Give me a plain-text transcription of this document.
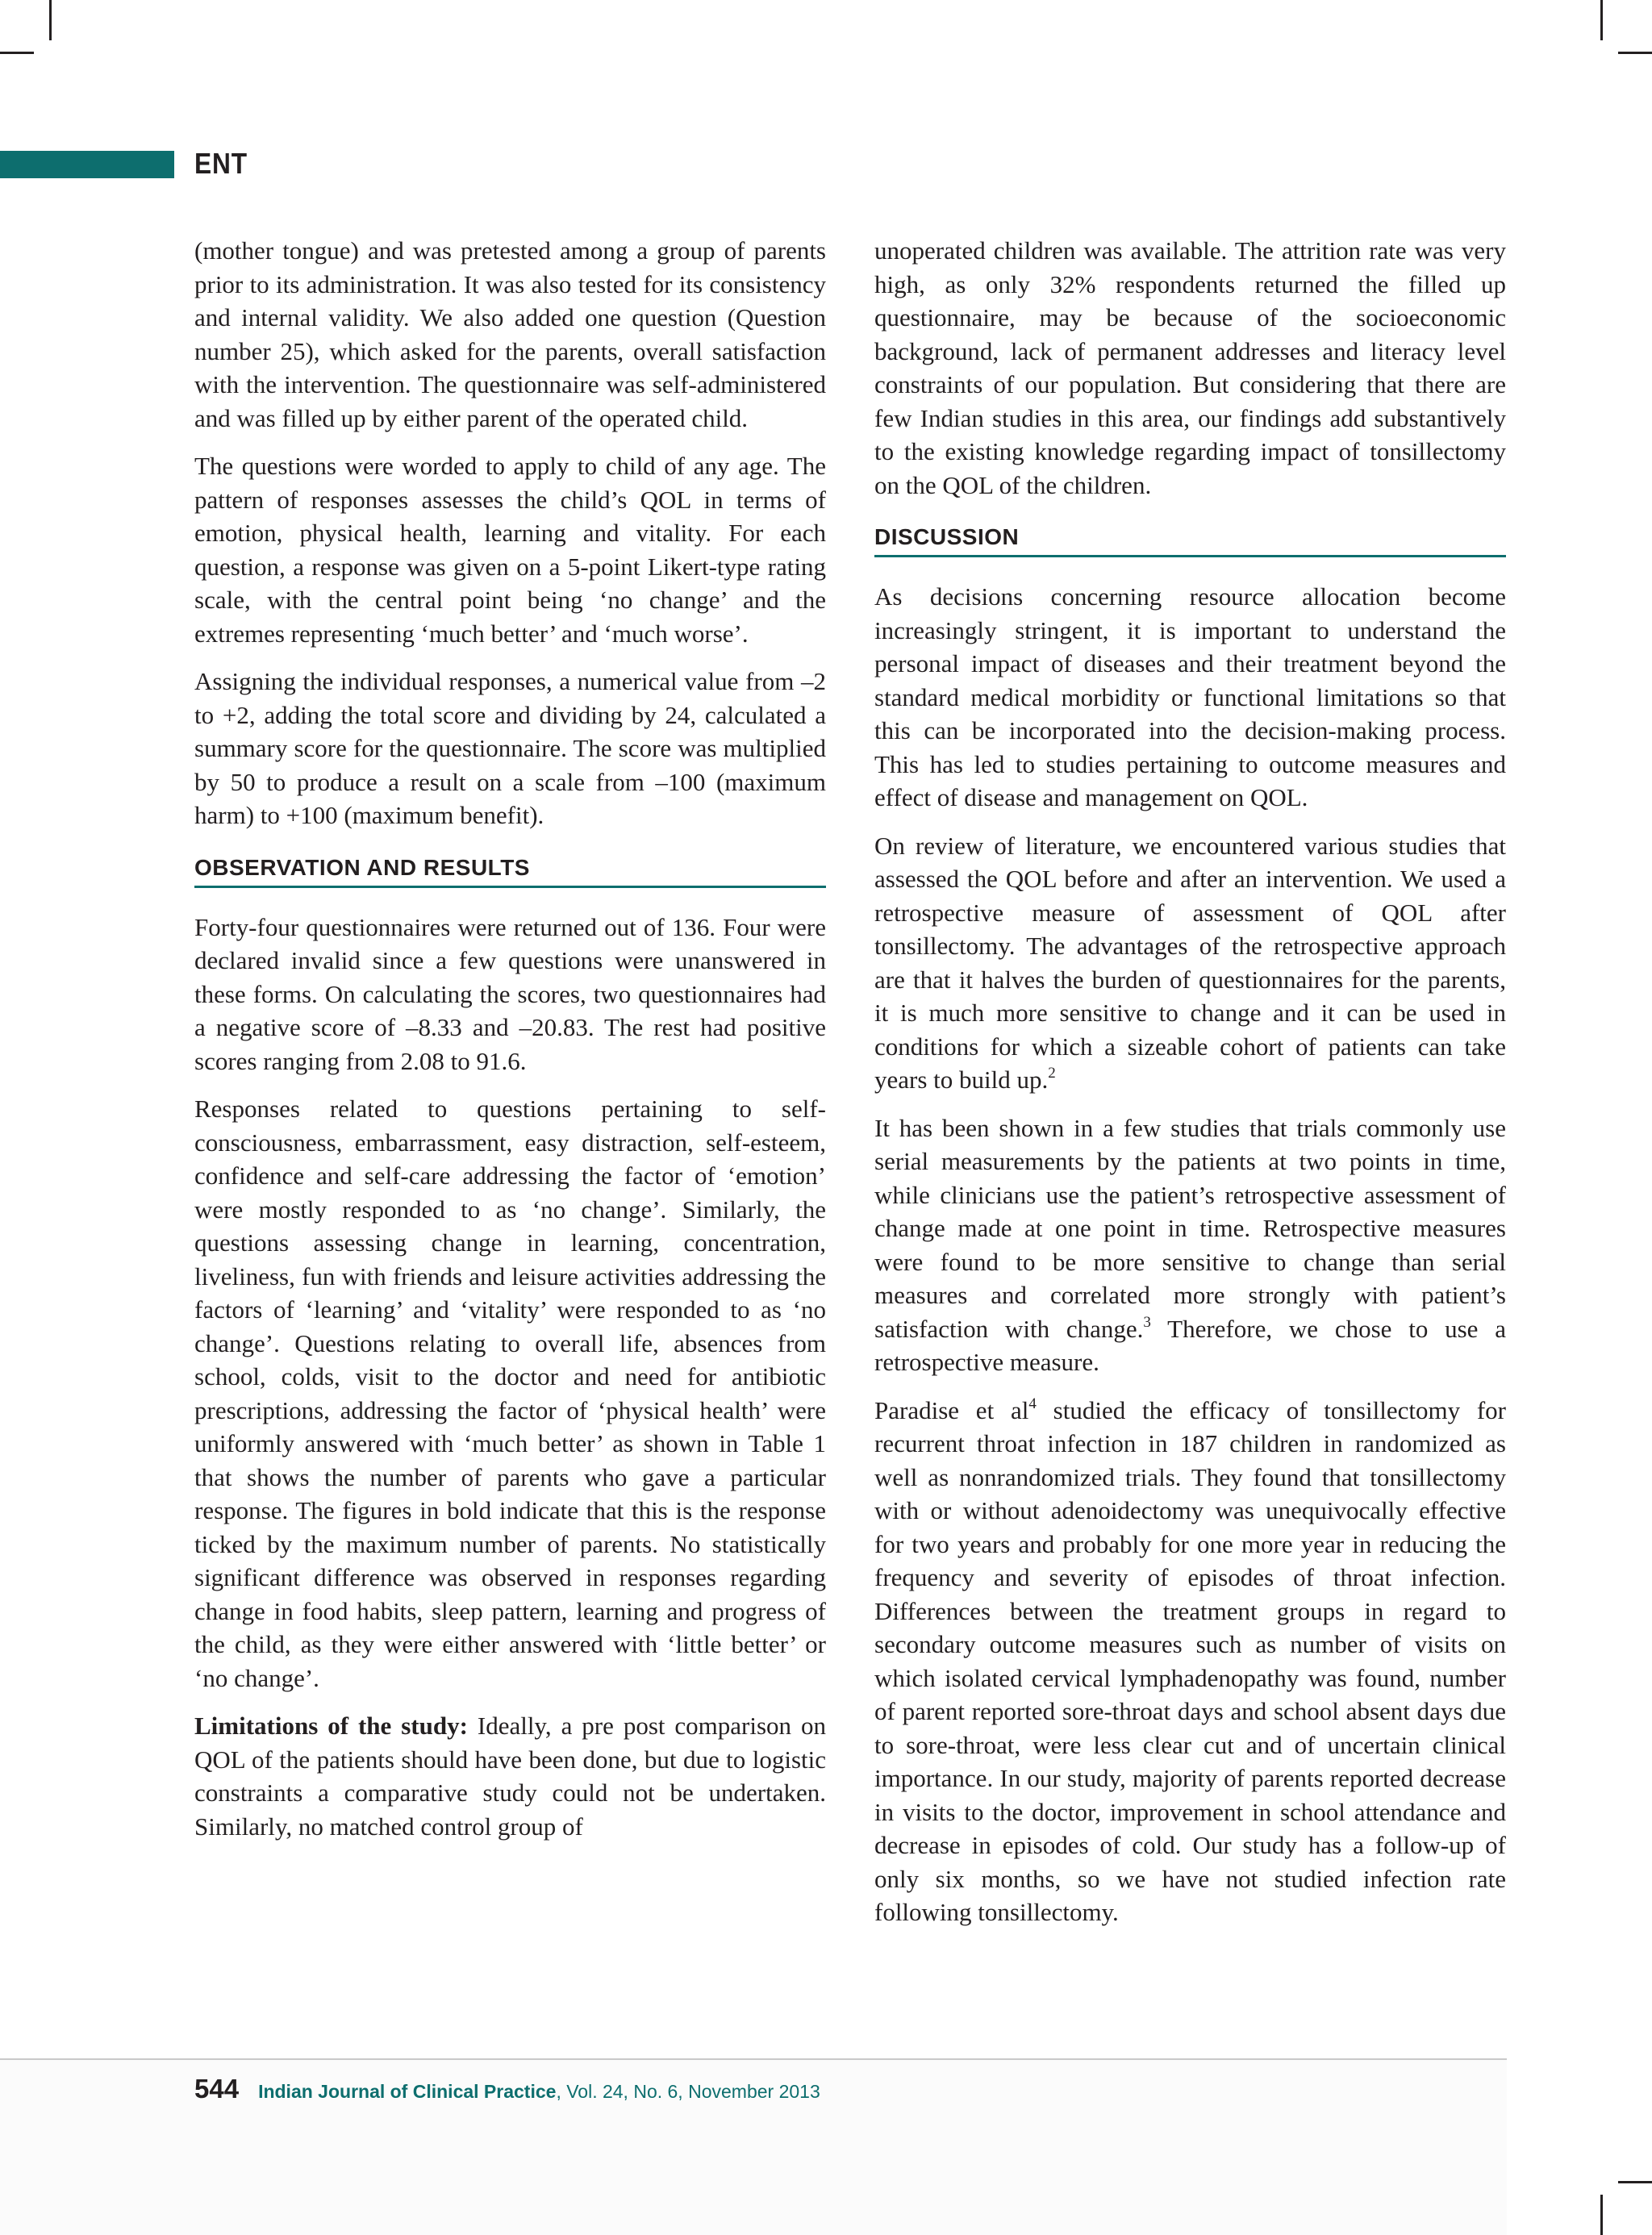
ENT

(mother tongue) and was pretested among a group of parents prior to its administration. It was also tested for its consistency and internal validity. We also added one question (Question number 25), which asked for the parents, overall satisfaction with the intervention. The questionnaire was self-administered and was filled up by either parent of the operated child.

The questions were worded to apply to child of any age. The pattern of responses assesses the child’s QOL in terms of emotion, physical health, learning and vitality. For each question, a response was given on a 5-point Likert-type rating scale, with the central point being ‘no change’ and the extremes representing ‘much better’ and ‘much worse’.

Assigning the individual responses, a numerical value from –2 to +2, adding the total score and dividing by 24, calculated a summary score for the questionnaire. The score was multiplied by 50 to produce a result on a scale from –100 (maximum harm) to +100 (maximum benefit).

OBSERVATION AND RESULTS

Forty-four questionnaires were returned out of 136. Four were declared invalid since a few questions were unanswered in these forms. On calculating the scores, two questionnaires had a negative score of –8.33 and –20.83. The rest had positive scores ranging from 2.08 to 91.6.

Responses related to questions pertaining to self-consciousness, embarrassment, easy distraction, self-esteem, confidence and self-care addressing the factor of ‘emotion’ were mostly responded to as ‘no change’. Similarly, the questions assessing change in learning, concentration, liveliness, fun with friends and leisure activities addressing the factors of ‘learning’ and ‘vitality’ were responded to as ‘no change’. Questions relating to overall life, absences from school, colds, visit to the doctor and need for antibiotic prescriptions, addressing the factor of ‘physical health’ were uniformly answered with ‘much better’ as shown in Table 1 that shows the number of parents who gave a particular response. The figures in bold indicate that this is the response ticked by the maximum number of parents. No statistically significant difference was observed in responses regarding change in food habits, sleep pattern, learning and progress of the child, as they were either answered with ‘little better’ or ‘no change’.

Limitations of the study: Ideally, a pre post comparison on QOL of the patients should have been done, but due to logistic constraints a comparative study could not be undertaken. Similarly, no matched control group of

unoperated children was available. The attrition rate was very high, as only 32% respondents returned the filled up questionnaire, may be because of the socioeconomic background, lack of permanent addresses and literacy level constraints of our population. But considering that there are few Indian studies in this area, our findings add substantively to the existing knowledge regarding impact of tonsillectomy on the QOL of the children.

DISCUSSION

As decisions concerning resource allocation become increasingly stringent, it is important to understand the personal impact of diseases and their treatment beyond the standard medical morbidity or functional limitations so that this can be incorporated into the decision-making process. This has led to studies pertaining to outcome measures and effect of disease and management on QOL.

On review of literature, we encountered various studies that assessed the QOL before and after an intervention. We used a retrospective measure of assessment of QOL after tonsillectomy. The advantages of the retrospective approach are that it halves the burden of questionnaires for the parents, it is much more sensitive to change and it can be used in conditions for which a sizeable cohort of patients can take years to build up.$^2$

It has been shown in a few studies that trials commonly use serial measurements by the patients at two points in time, while clinicians use the patient’s retrospective assessment of change made at one point in time. Retrospective measures were found to be more sensitive to change than serial measures and correlated more strongly with patient’s satisfaction with change.$^3$ Therefore, we chose to use a retrospective measure.

Paradise et $al^4$ studied the efficacy of tonsillectomy for recurrent throat infection in 187 children in randomized as well as nonrandomized trials. They found that tonsillectomy with or without adenoidectomy was unequivocally effective for two years and probably for one more year in reducing the frequency and severity of episodes of throat infection. Differences between the treatment groups in regard to secondary outcome measures such as number of visits on which isolated cervical lymphadenopathy was found, number of parent reported sore-throat days and school absent days due to sore-throat, were less clear cut and of uncertain clinical importance. In our study, majority of parents reported decrease in visits to the doctor, improvement in school attendance and decrease in episodes of cold. Our study has a follow-up of only six months, so we have not studied infection rate following tonsillectomy.

544 Indian Journal of Clinical Practice, Vol. 24, No. 6, November 2013
